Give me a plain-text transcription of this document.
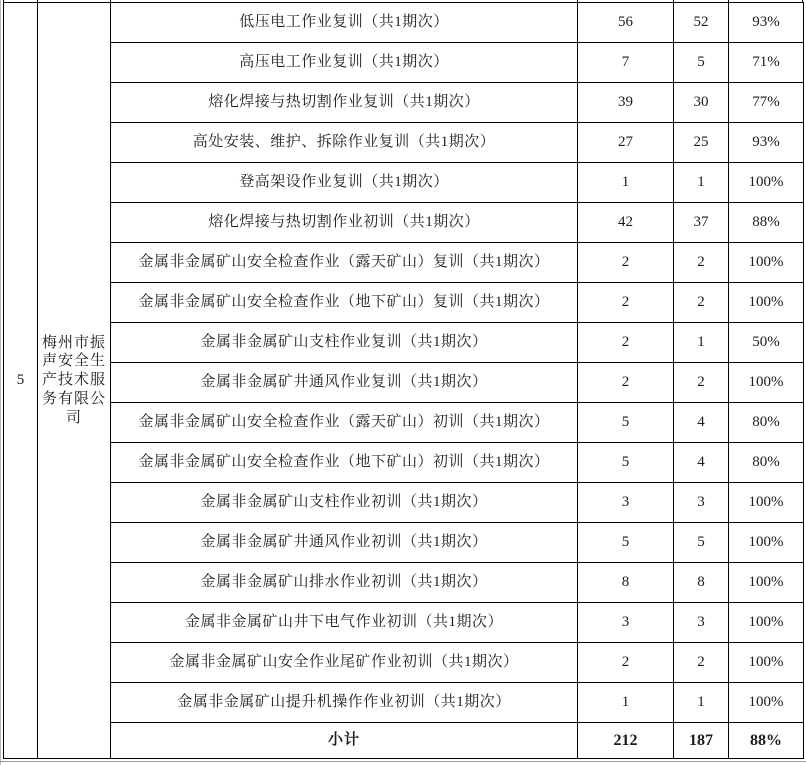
5	梅州市振声安全生产技术服务有限公司	低压电工作业复训（共1期次）	56	52	93%
		高压电工作业复训（共1期次）	7	5	71%
		熔化焊接与热切割作业复训（共1期次）	39	30	77%
		高处安装、维护、拆除作业复训（共1期次）	27	25	93%
		登高架设作业复训（共1期次）	1	1	100%
		熔化焊接与热切割作业初训（共1期次）	42	37	88%
		金属非金属矿山安全检查作业（露天矿山）复训（共1期次）	2	2	100%
		金属非金属矿山安全检查作业（地下矿山）复训（共1期次）	2	2	100%
		金属非金属矿山支柱作业复训（共1期次）	2	1	50%
		金属非金属矿井通风作业复训（共1期次）	2	2	100%
		金属非金属矿山安全检查作业（露天矿山）初训（共1期次）	5	4	80%
		金属非金属矿山安全检查作业（地下矿山）初训（共1期次）	5	4	80%
		金属非金属矿山支柱作业初训（共1期次）	3	3	100%
		金属非金属矿井通风作业初训（共1期次）	5	5	100%
		金属非金属矿山排水作业初训（共1期次）	8	8	100%
		金属非金属矿山井下电气作业初训（共1期次）	3	3	100%
		金属非金属矿山安全作业尾矿作业初训（共1期次）	2	2	100%
		金属非金属矿山提升机操作作业初训（共1期次）	1	1	100%
		小计	212	187	88%
